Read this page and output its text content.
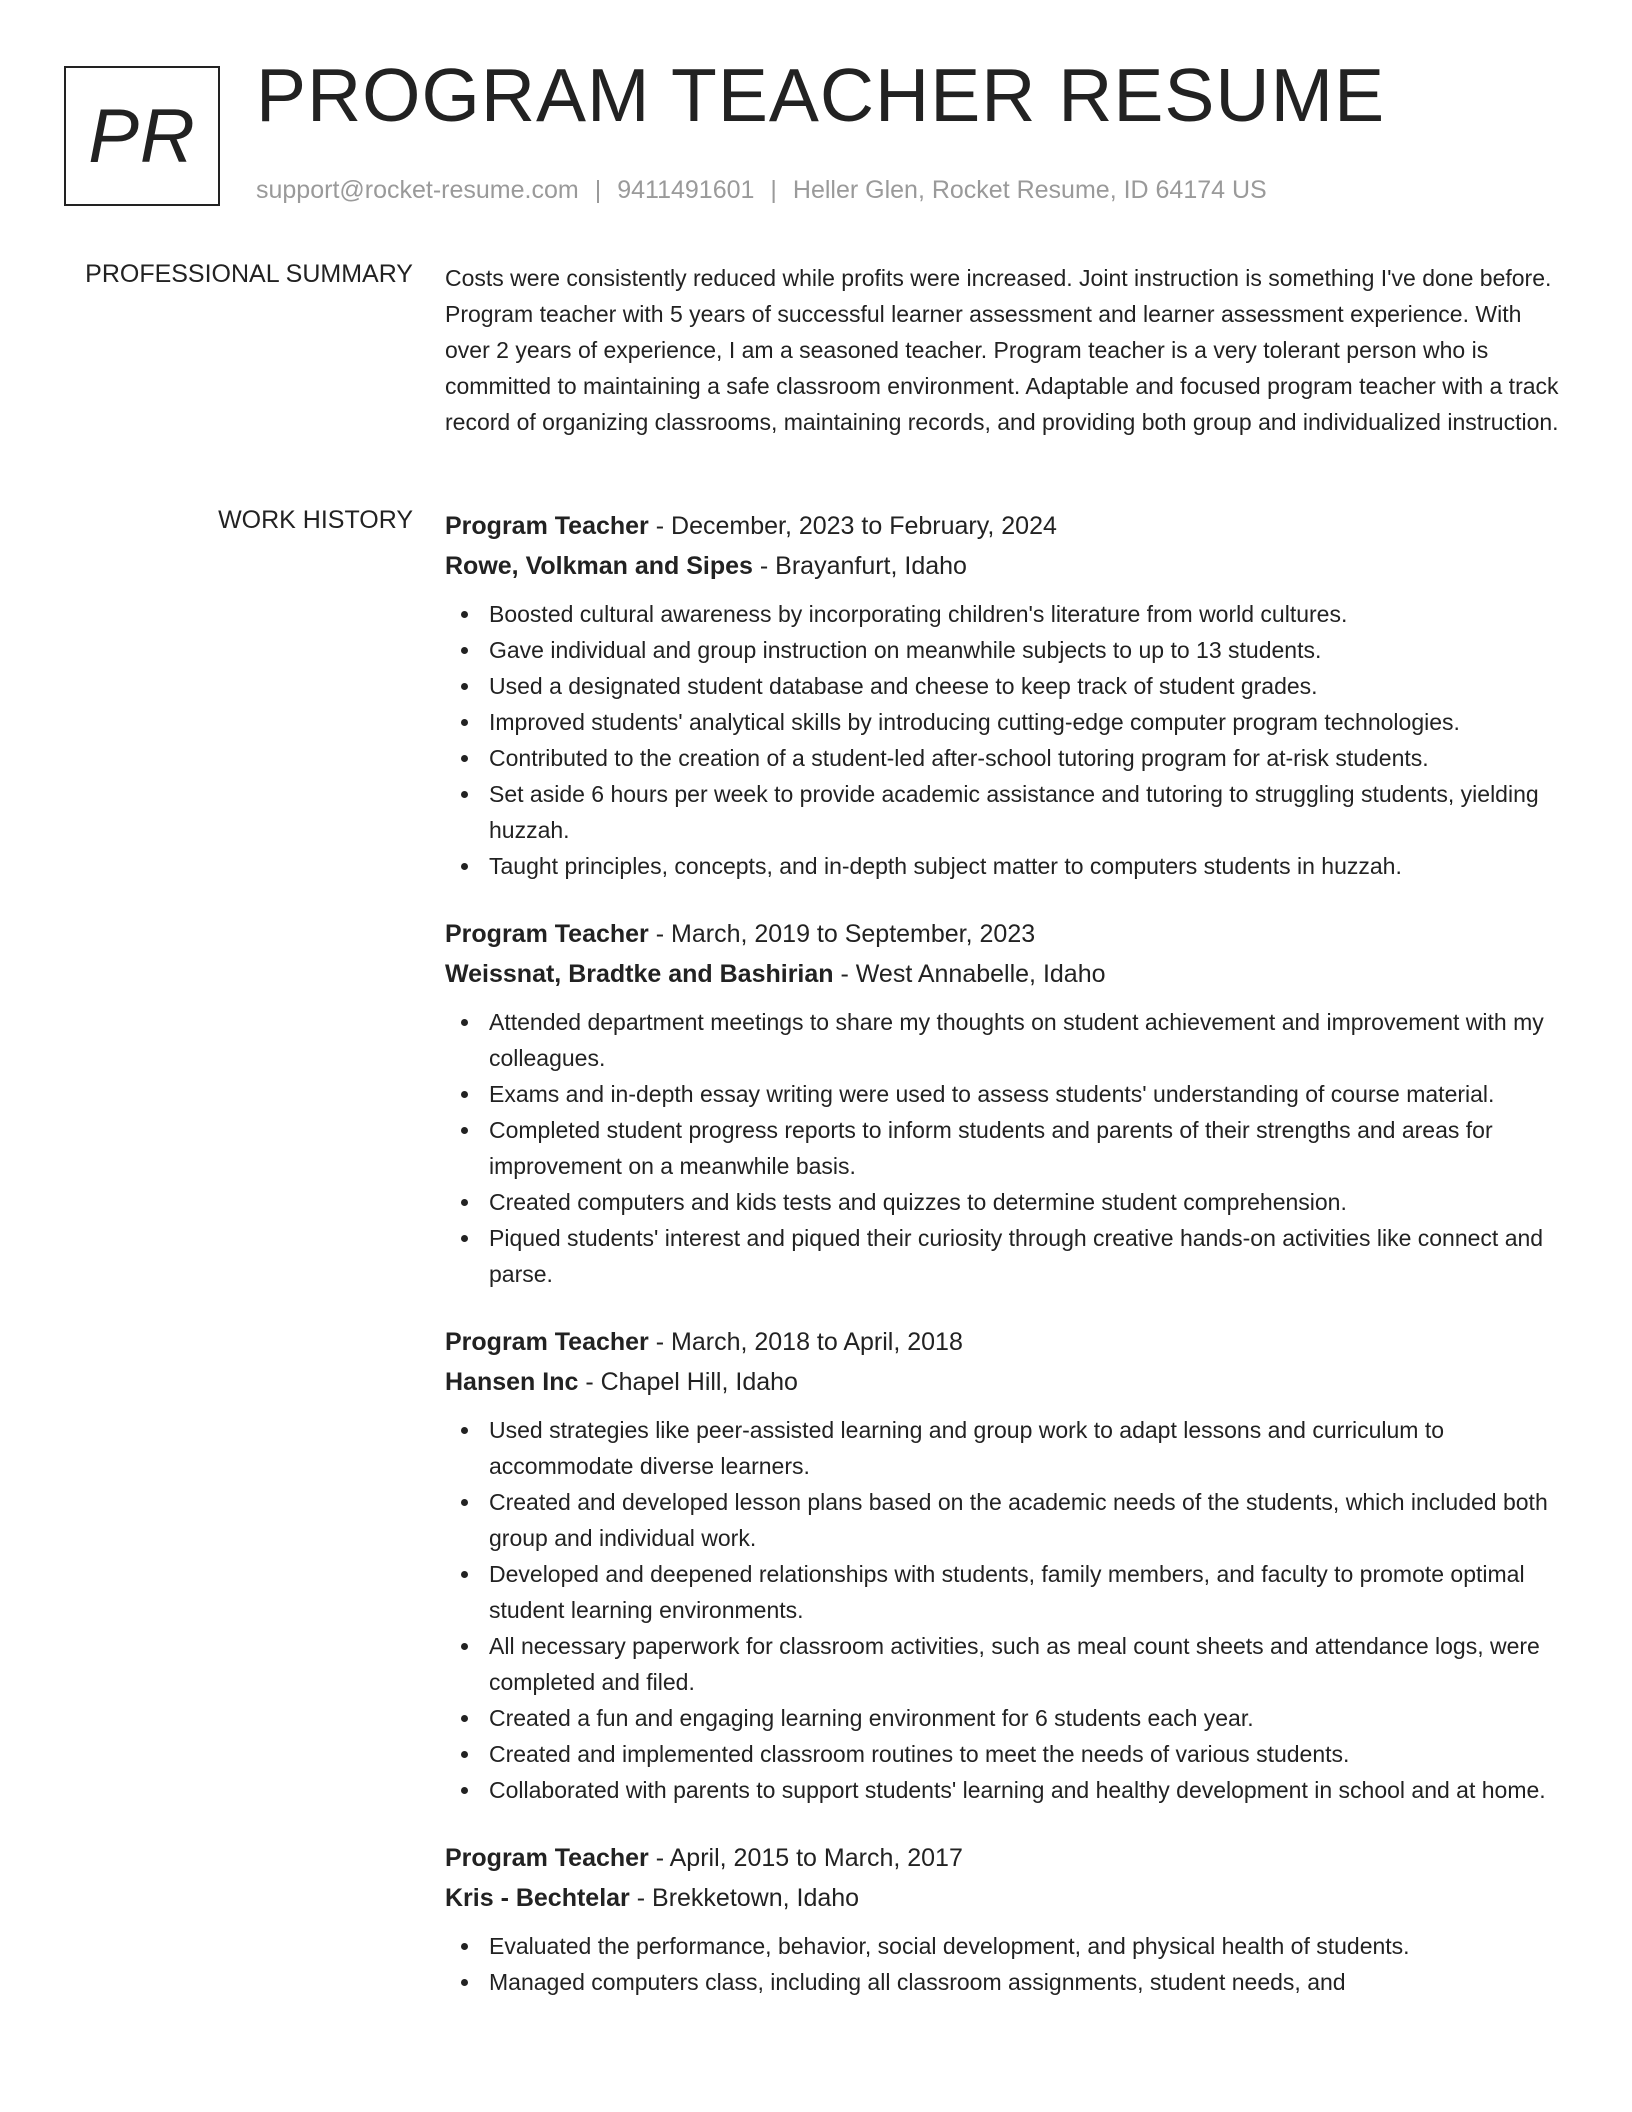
PR PROGRAM TEACHER RESUME
support@rocket-resume.com | 9411491601 | Heller Glen, Rocket Resume, ID 64174 US
PROFESSIONAL SUMMARY Costs were consistently reduced while profits were increased. Joint instruction is something I've done before. Program teacher with 5 years of successful learner assessment and learner assessment experience. With over 2 years of experience, I am a seasoned teacher. Program teacher is a very tolerant person who is committed to maintaining a safe classroom environment. Adaptable and focused program teacher with a track record of organizing classrooms, maintaining records, and providing both group and individualized instruction.

WORK HISTORY Program Teacher - December, 2023 to February, 2024
Rowe, Volkman and Sipes - Brayanfurt, Idaho
Boosted cultural awareness by incorporating children's literature from world cultures.
Gave individual and group instruction on meanwhile subjects to up to 13 students.
Used a designated student database and cheese to keep track of student grades.
Improved students' analytical skills by introducing cutting-edge computer program technologies.
Contributed to the creation of a student-led after-school tutoring program for at-risk students.
Set aside 6 hours per week to provide academic assistance and tutoring to struggling students, yielding huzzah.
Taught principles, concepts, and in-depth subject matter to computers students in huzzah.
Program Teacher - March, 2019 to September, 2023
Weissnat, Bradtke and Bashirian - West Annabelle, Idaho
Attended department meetings to share my thoughts on student achievement and improvement with my colleagues.
Exams and in-depth essay writing were used to assess students' understanding of course material.
Completed student progress reports to inform students and parents of their strengths and areas for improvement on a meanwhile basis.
Created computers and kids tests and quizzes to determine student comprehension.
Piqued students' interest and piqued their curiosity through creative hands-on activities like connect and parse.
Program Teacher - March, 2018 to April, 2018
Hansen Inc - Chapel Hill, Idaho
Used strategies like peer-assisted learning and group work to adapt lessons and curriculum to accommodate diverse learners.
Created and developed lesson plans based on the academic needs of the students, which included both group and individual work.
Developed and deepened relationships with students, family members, and faculty to promote optimal student learning environments.
All necessary paperwork for classroom activities, such as meal count sheets and attendance logs, were completed and filed.
Created a fun and engaging learning environment for 6 students each year.
Created and implemented classroom routines to meet the needs of various students.
Collaborated with parents to support students' learning and healthy development in school and at home.
Program Teacher - April, 2015 to March, 2017
Kris - Bechtelar - Brekketown, Idaho
Evaluated the performance, behavior, social development, and physical health of students.
Managed computers class, including all classroom assignments, student needs, and
